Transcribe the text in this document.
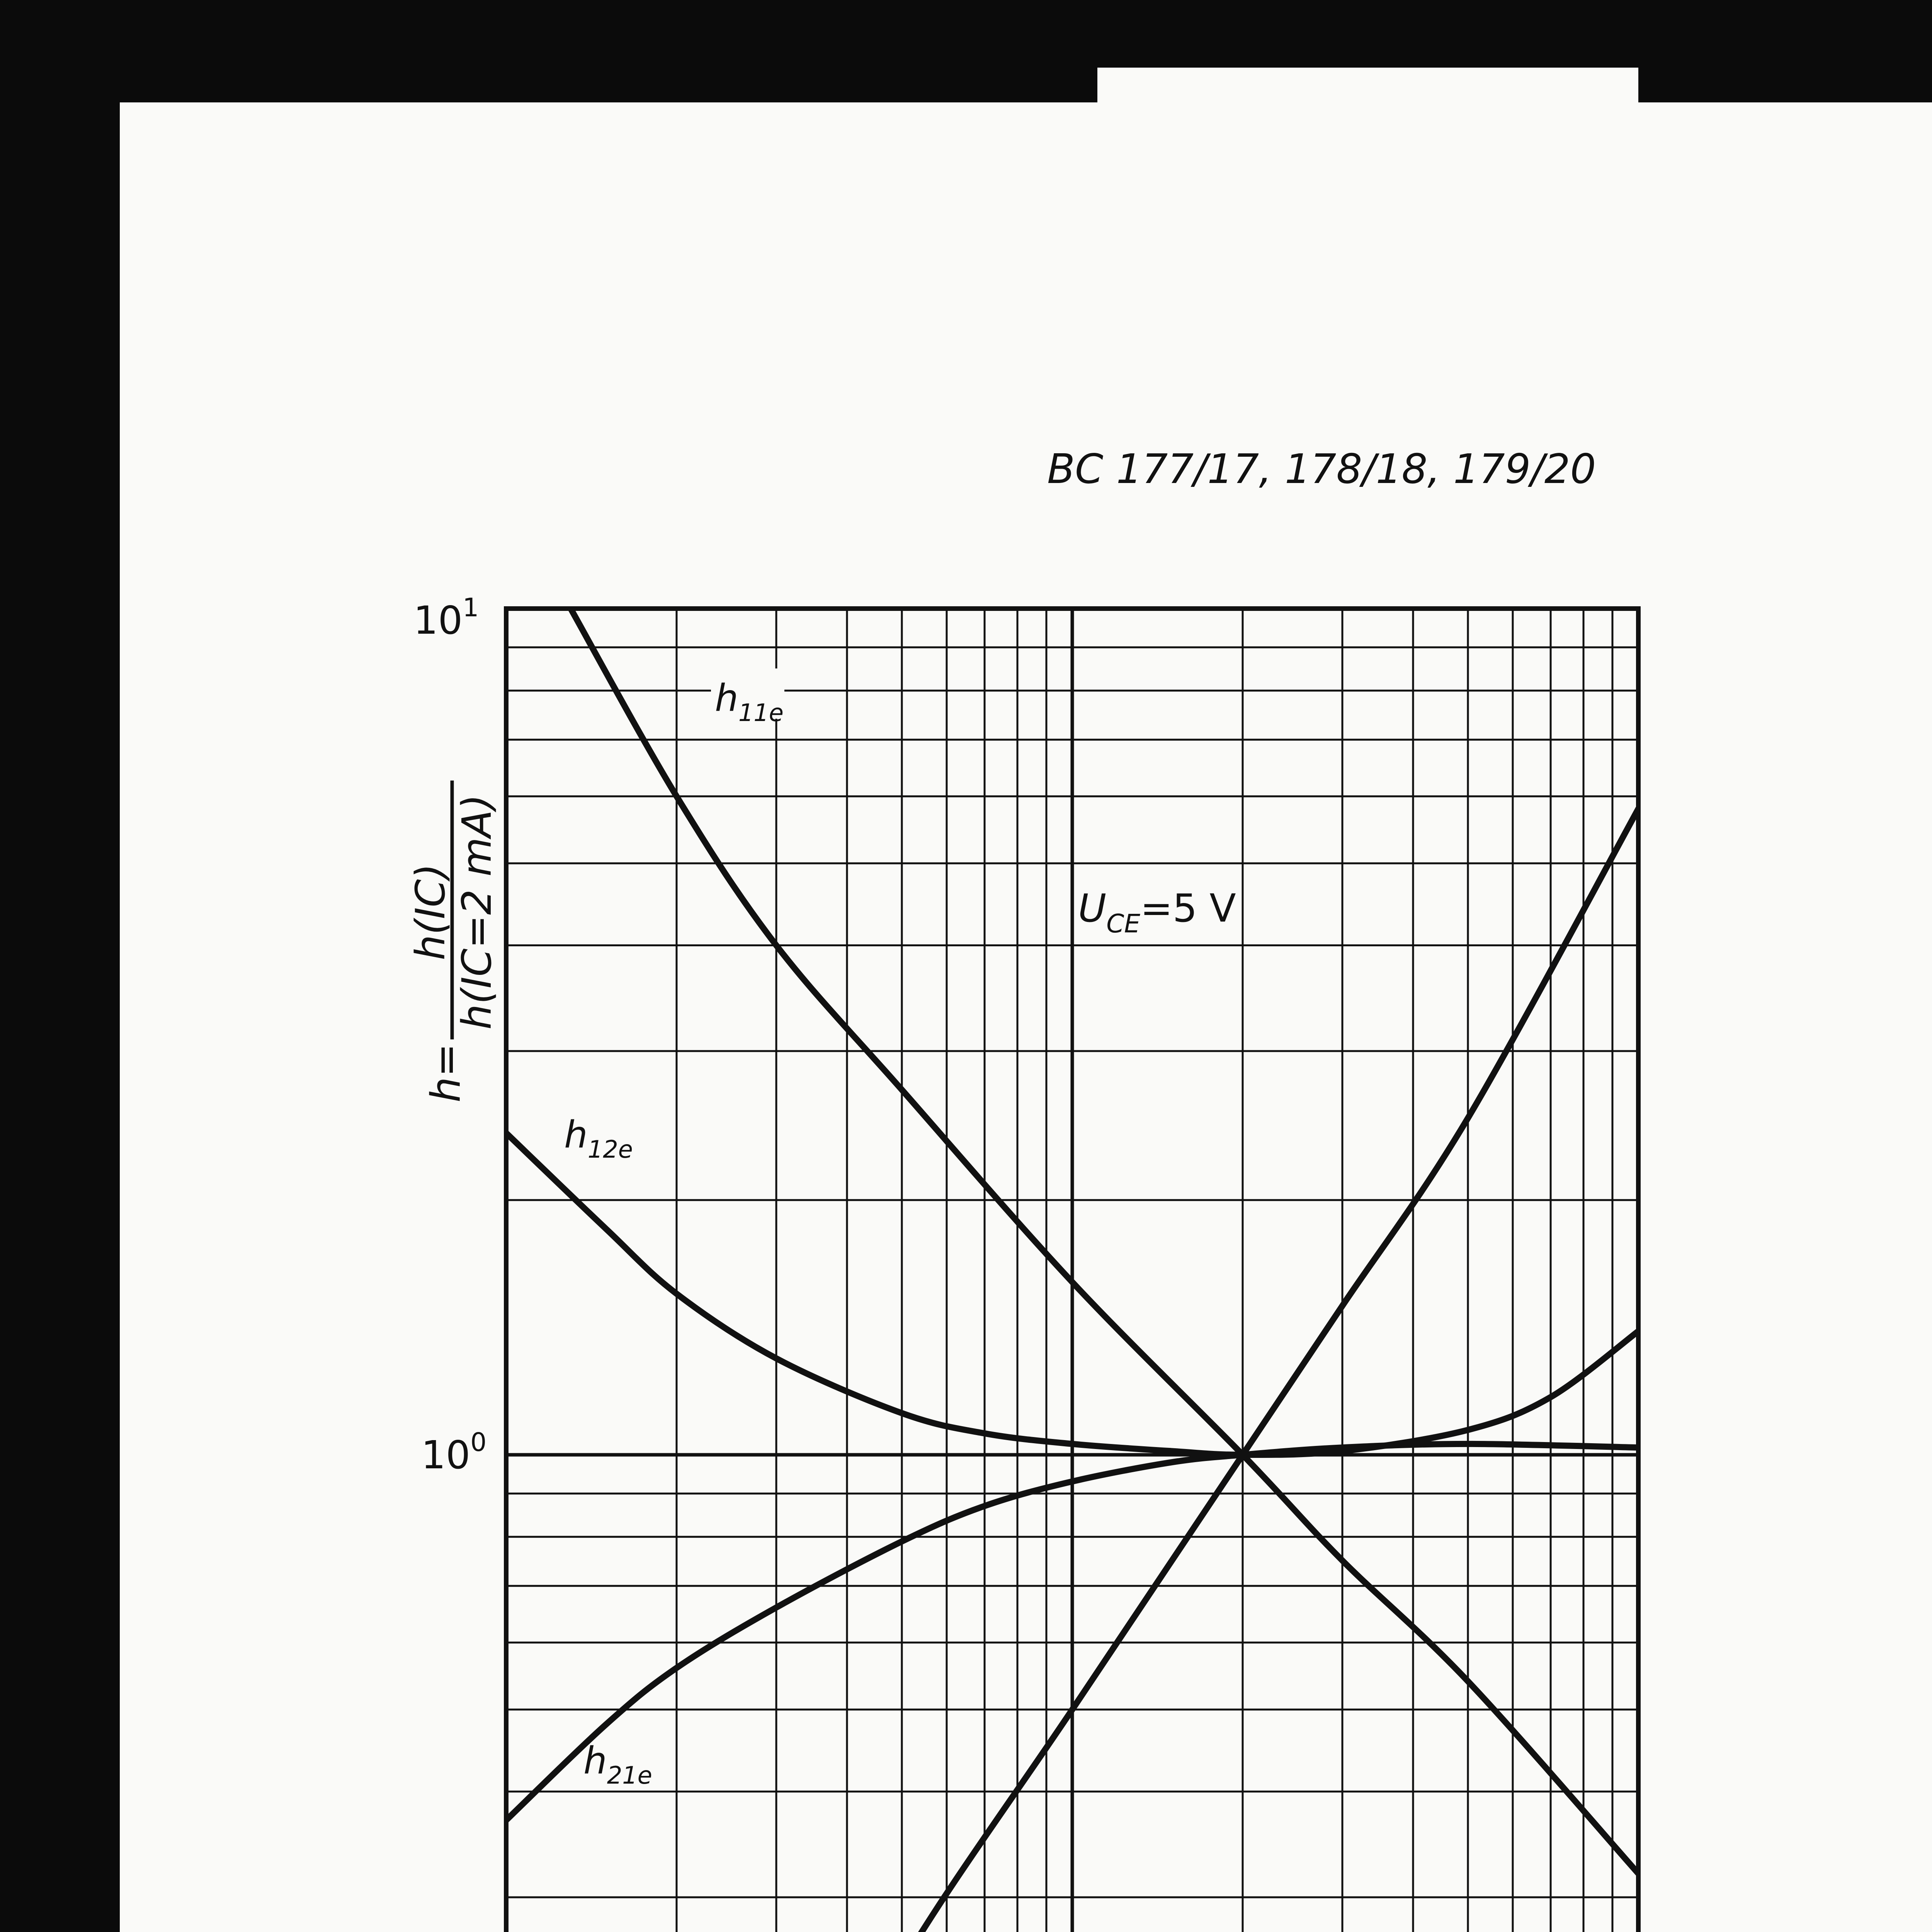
BC 177/17, 178/18, 179/20
$U_{CE}=5$ V
h=
h(IC)
h(IC=2 mA)
$10^1$
$10^0$
$h_{11e}$
$h_{12e}$
$h_{21e}$
